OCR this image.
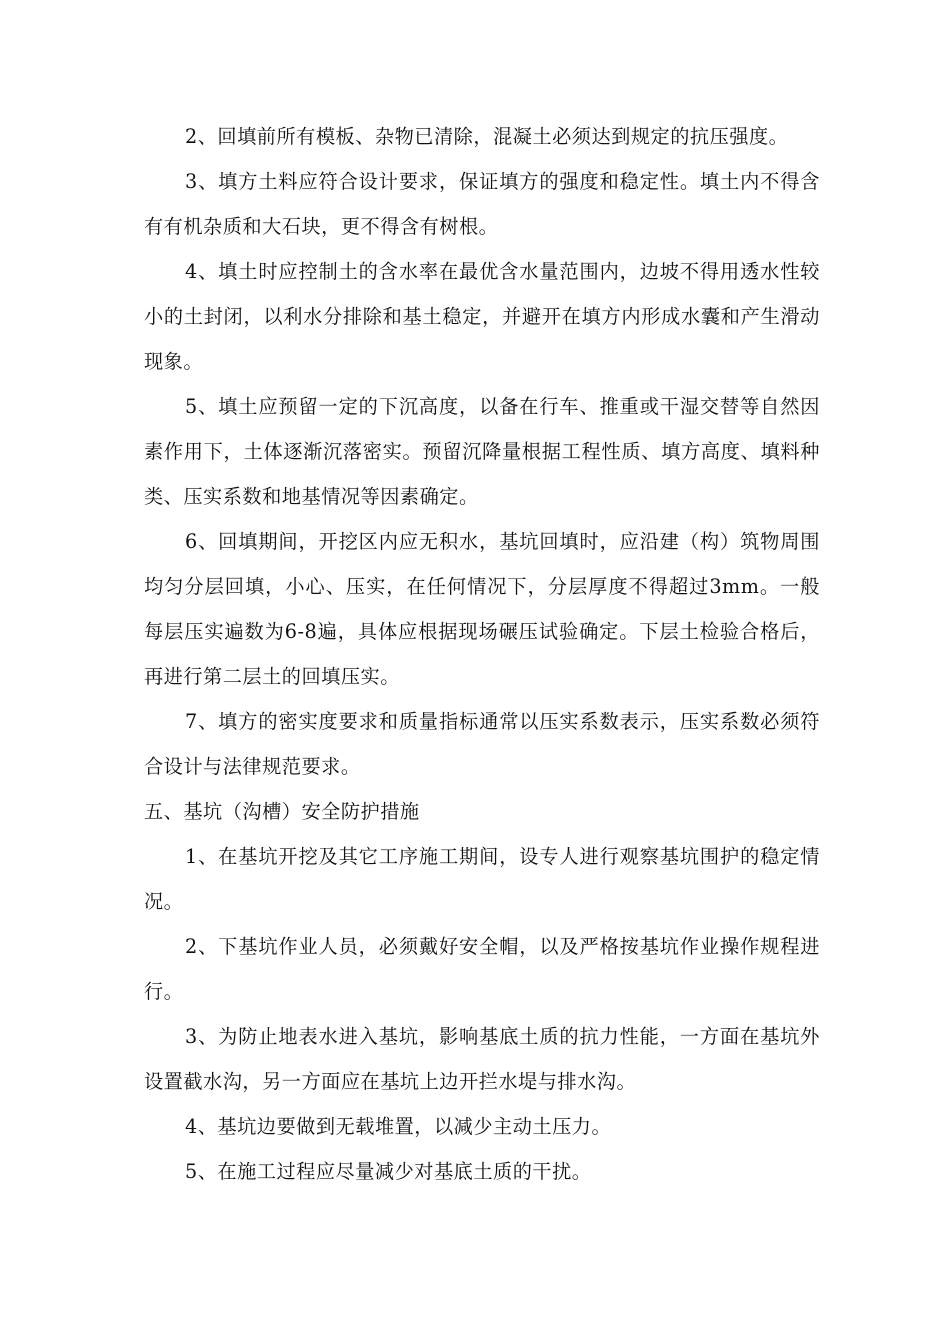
2、回填前所有模板、杂物已清除，混凝土必须达到规定的抗压强度。

3、填方土料应符合设计要求，保证填方的强度和稳定性。填土内不得含有有机杂质和大石块，更不得含有树根。

4、填土时应控制土的含水率在最优含水量范围内，边坡不得用透水性较小的土封闭，以利水分排除和基土稳定，并避开在填方内形成水囊和产生滑动现象。

5、填土应预留一定的下沉高度，以备在行车、推重或干湿交替等自然因素作用下，土体逐渐沉落密实。预留沉降量根据工程性质、填方高度、填料种类、压实系数和地基情况等因素确定。

6、回填期间，开挖区内应无积水，基坑回填时，应沿建（构）筑物周围均匀分层回填，小心、压实，在任何情况下，分层厚度不得超过3mm。一般每层压实遍数为6-8遍，具体应根据现场碾压试验确定。下层土检验合格后，再进行第二层土的回填压实。

7、填方的密实度要求和质量指标通常以压实系数表示，压实系数必须符合设计与法律规范要求。

五、基坑（沟槽）安全防护措施

1、在基坑开挖及其它工序施工期间，设专人进行观察基坑围护的稳定情况。

2、下基坑作业人员，必须戴好安全帽，以及严格按基坑作业操作规程进行。

3、为防止地表水进入基坑，影响基底土质的抗力性能，一方面在基坑外设置截水沟，另一方面应在基坑上边开拦水堤与排水沟。

4、基坑边要做到无载堆置，以减少主动土压力。

5、在施工过程应尽量减少对基底土质的干扰。
